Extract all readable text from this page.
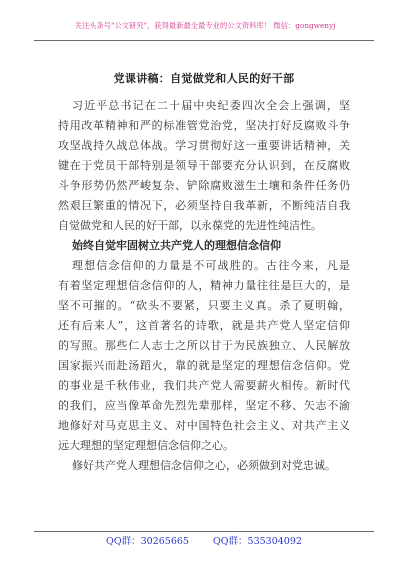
关注头条号"公文研究"，获得最新最全最专业的公文资料库！ 微信：gongwenyj
党课讲稿：自觉做党和人民的好干部
习近平总书记在二十届中央纪委四次全会上强调，坚
持用改革精神和严的标准管党治党，坚决打好反腐败斗争
攻坚战持久战总体战。学习贯彻好这一重要讲话精神，关
键在于党员干部特别是领导干部要充分认识到，在反腐败
斗争形势仍然严峻复杂、铲除腐败滋生土壤和条件任务仍
然艰巨繁重的情况下，必须坚持自我革新，不断纯洁自我
自觉做党和人民的好干部，以永葆党的先进性纯洁性。
始终自觉牢固树立共产党人的理想信念信仰
理想信念信仰的力量是不可战胜的。古往今来，凡是
有着坚定理想信念信仰的人，精神力量往往是巨大的，是
坚不可摧的。“砍头不要紧，只要主义真。杀了夏明翰，
还有后来人”，这首著名的诗歌，就是共产党人坚定信仰
的写照。那些仁人志士之所以甘于为民族独立、人民解放
国家振兴而赴汤蹈火，靠的就是坚定的理想信念信仰。党
的事业是千秋伟业，我们共产党人需要薪火相传。新时代
的我们，应当像革命先烈先辈那样，坚定不移、矢志不渝
地修好对马克思主义、对中国特色社会主义、对共产主义
远大理想的坚定理想信念信仰之心。
修好共产党人理想信念信仰之心，必须做到对党忠诚。
QQ群：30265665	QQ群：535304092
